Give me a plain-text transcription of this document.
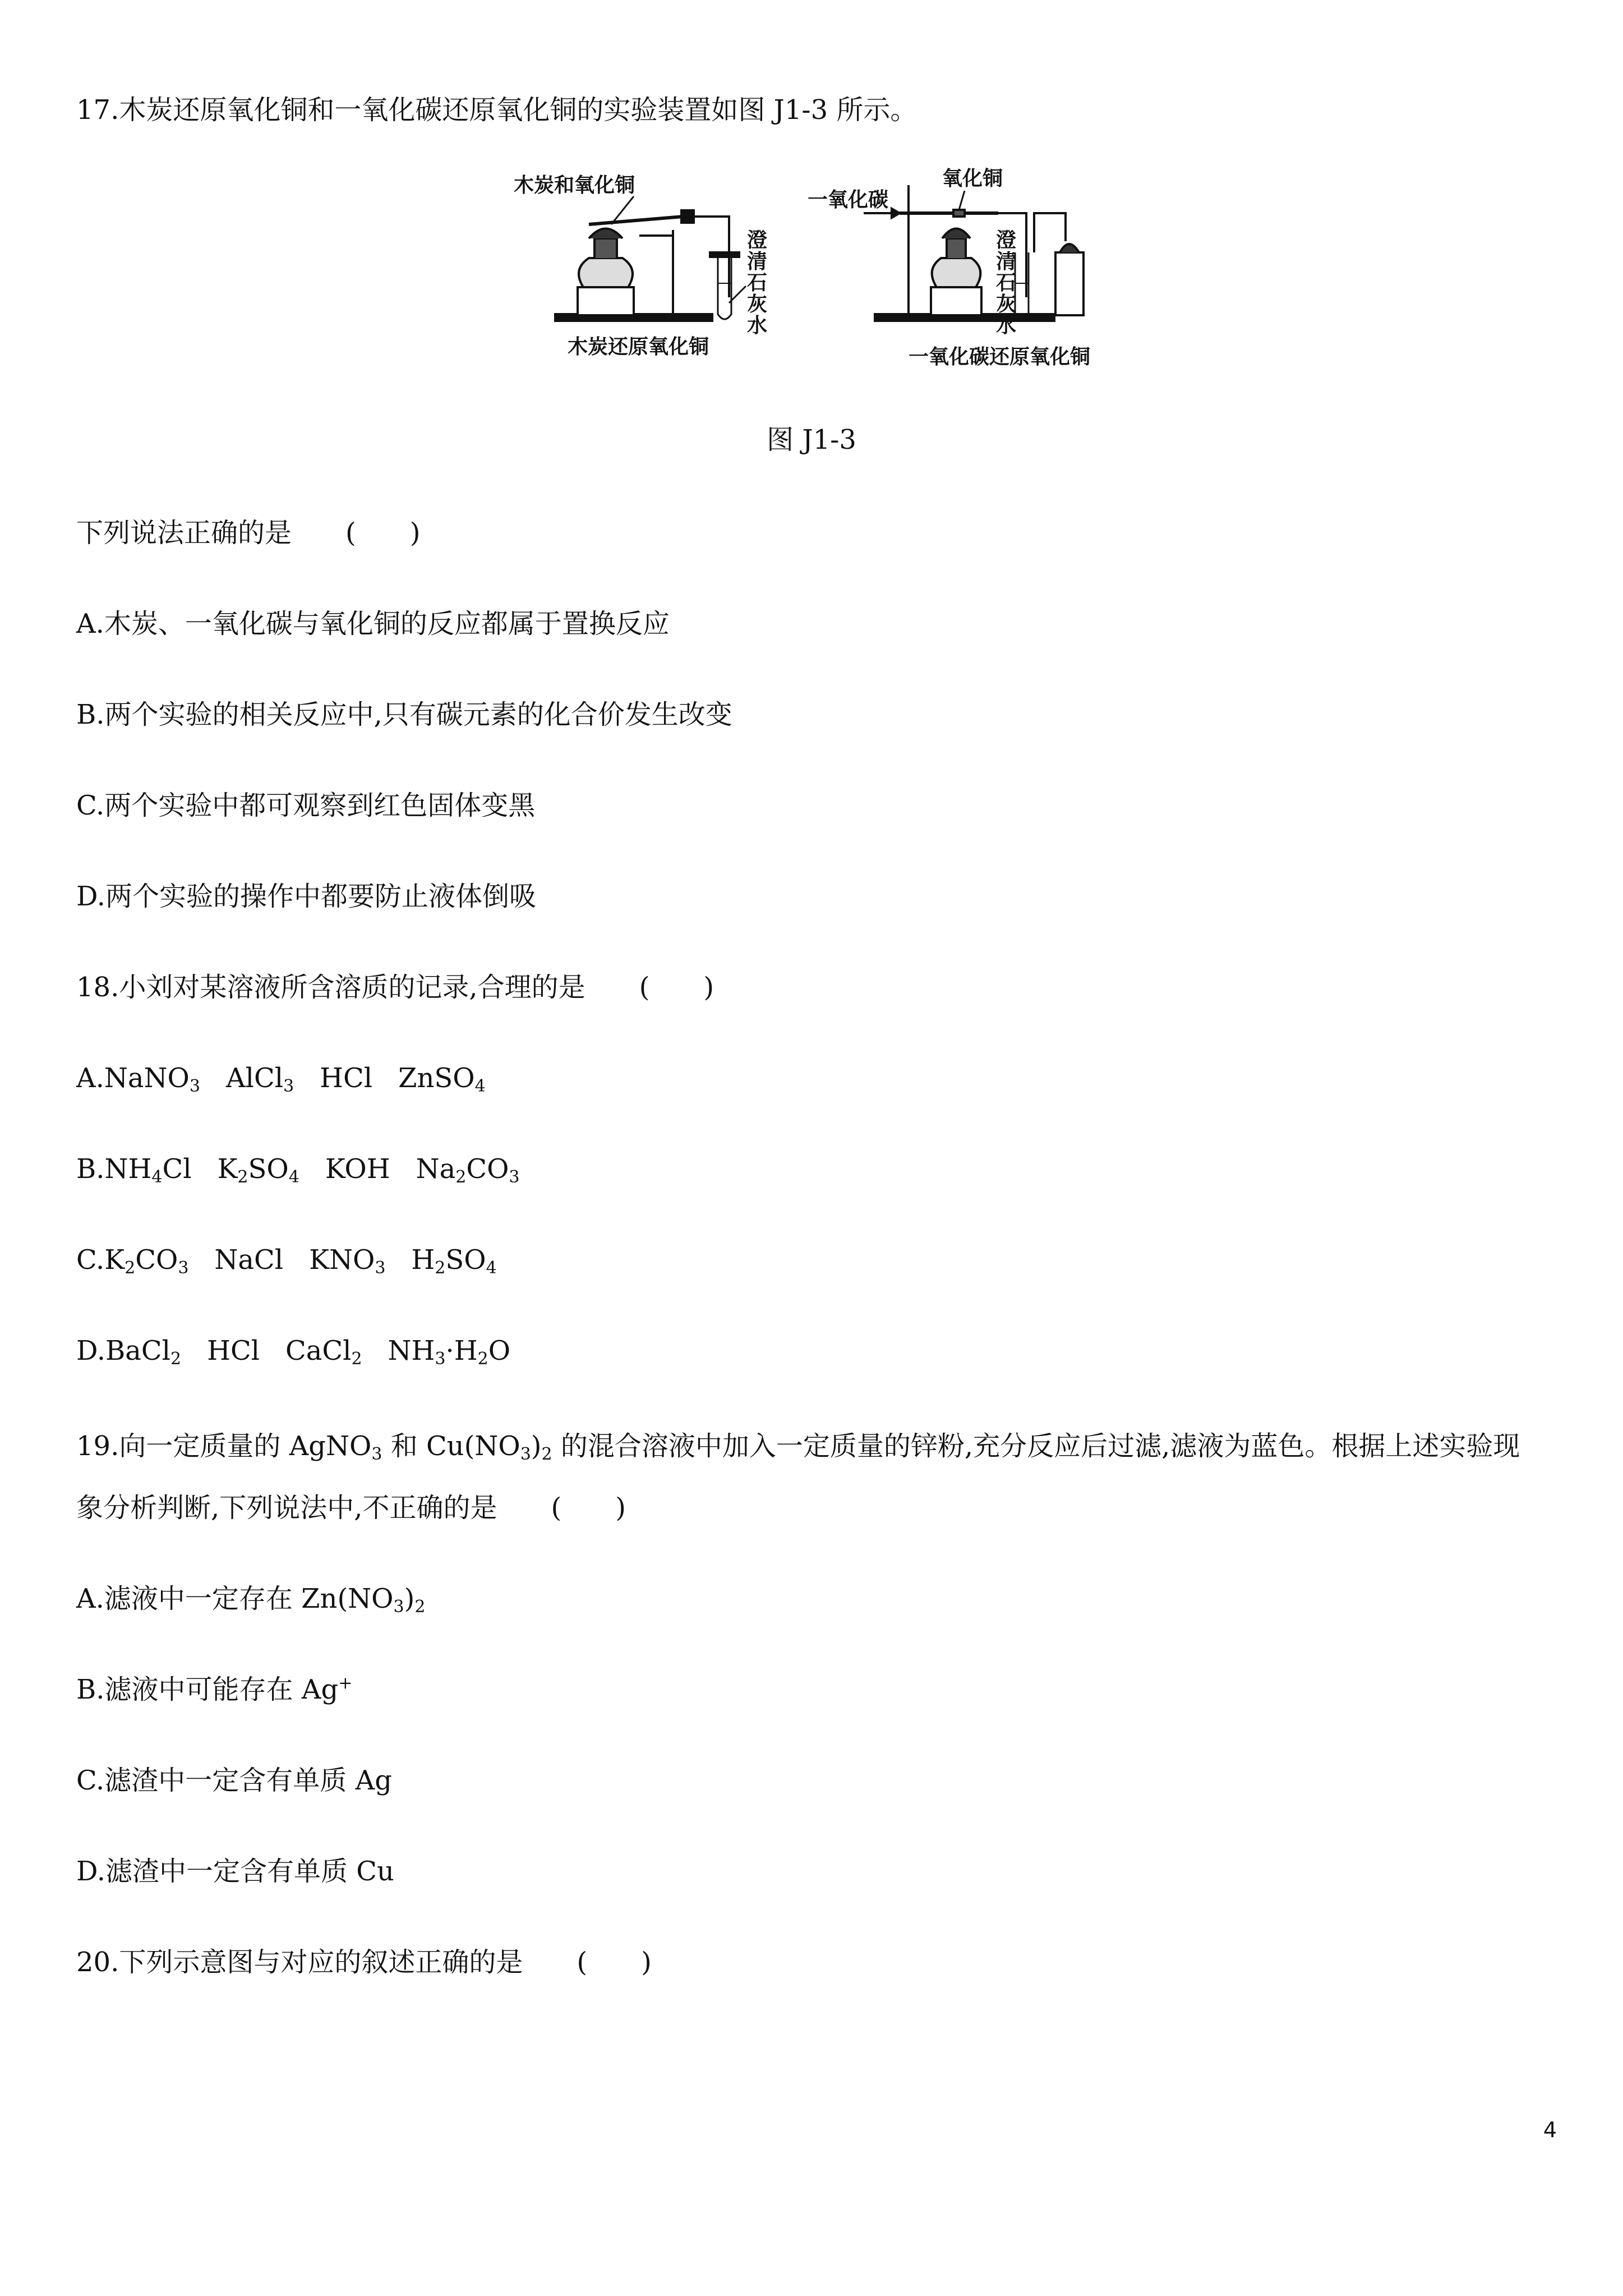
17.木炭还原氧化铜和一氧化碳还原氧化铜的实验装置如图 J1-3 所示。
木炭和氧化铜
澄
清
石
灰
水
木炭还原氧化铜
一氧化碳
氧化铜
澄
清
石
灰
水
一氧化碳还原氧化铜
图 J1-3
下列说法正确的是 (　　)
A.木炭、一氧化碳与氧化铜的反应都属于置换反应
B.两个实验的相关反应中,只有碳元素的化合价发生改变
C.两个实验中都可观察到红色固体变黑
D.两个实验的操作中都要防止液体倒吸
18.小刘对某溶液所含溶质的记录,合理的是 (　　)
A.NaNO$_3$ AlCl$_3$ HCl ZnSO$_4$
$B.NH_4Cl$ $K_2SO_4$ KOH $Na_2CO_3$
$C.K_2CO_3$ NaCl $KNO_3$ $H_2SO_4$
D.BaCl$_2$ HCl CaCl$_2$ $NH_3\cdot H_2O$
19.向一定质量的 AgNO$_3$ 和 $Cu(NO_3)_2$ 的混合溶液中加入一定质量的锌粉,充分反应后过滤,滤液为蓝色。根据上述实验现
象分析判断,下列说法中,不正确的是 (　　)
A.滤液中一定存在 $Zn(NO_3)_2$
B.滤液中可能存在 Ag+
C.滤渣中一定含有单质 Ag
D.滤渣中一定含有单质 Cu
20.下列示意图与对应的叙述正确的是 (　　)
4
